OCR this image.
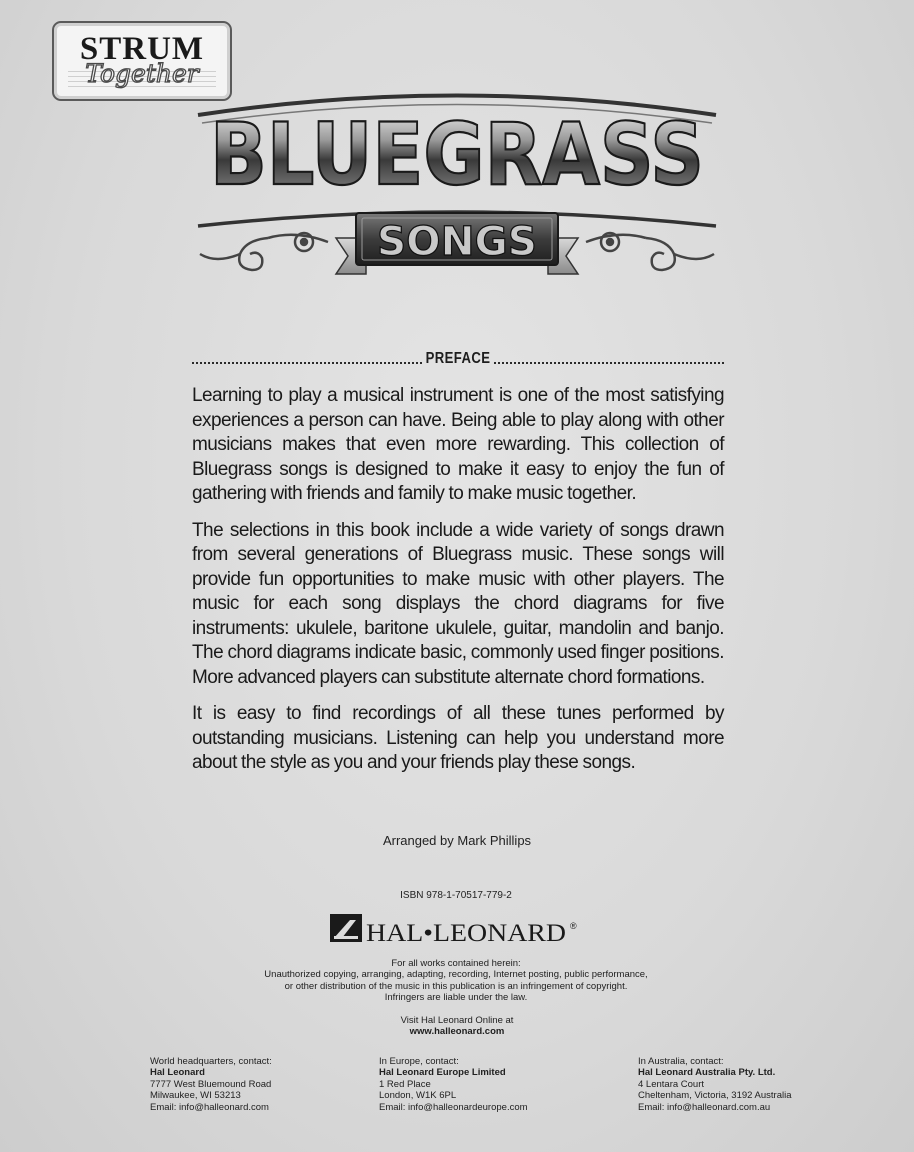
STRUM
Together
BLUEGRASS
SONGS
PREFACE

Learning to play a musical instrument is one of the most satisfying experiences a person can have. Being able to play along with other musicians makes that even more rewarding. This collection of Bluegrass songs is designed to make it easy to enjoy the fun of gathering with friends and family to make music together.

The selections in this book include a wide variety of songs drawn from several generations of Bluegrass music. These songs will provide fun opportunities to make music with other players. The music for each song displays the chord diagrams for five instruments: ukulele, baritone ukulele, guitar, mandolin and banjo. The chord diagrams indicate basic, commonly used finger positions. More advanced players can substitute alternate chord formations.

It is easy to find recordings of all these tunes performed by outstanding musicians. Listening can help you understand more about the style as you and your friends play these songs.

Arranged by Mark Phillips
ISBN 978-1-70517-779-2
HAL•LEONARD ®
For all works contained herein:
Unauthorized copying, arranging, adapting, recording, Internet posting, public performance,
or other distribution of the music in this publication is an infringement of copyright.
Infringers are liable under the law.
Visit Hal Leonard Online at
www.halleonard.com
World headquarters, contact:
Hal Leonard
7777 West Bluemound Road
Milwaukee, WI 53213
Email: info@halleonard.com
In Europe, contact:
Hal Leonard Europe Limited
1 Red Place
London, W1K 6PL
Email: info@halleonardeurope.com
In Australia, contact:
Hal Leonard Australia Pty. Ltd.
4 Lentara Court
Cheltenham, Victoria, 3192 Australia
Email: info@halleonard.com.au
